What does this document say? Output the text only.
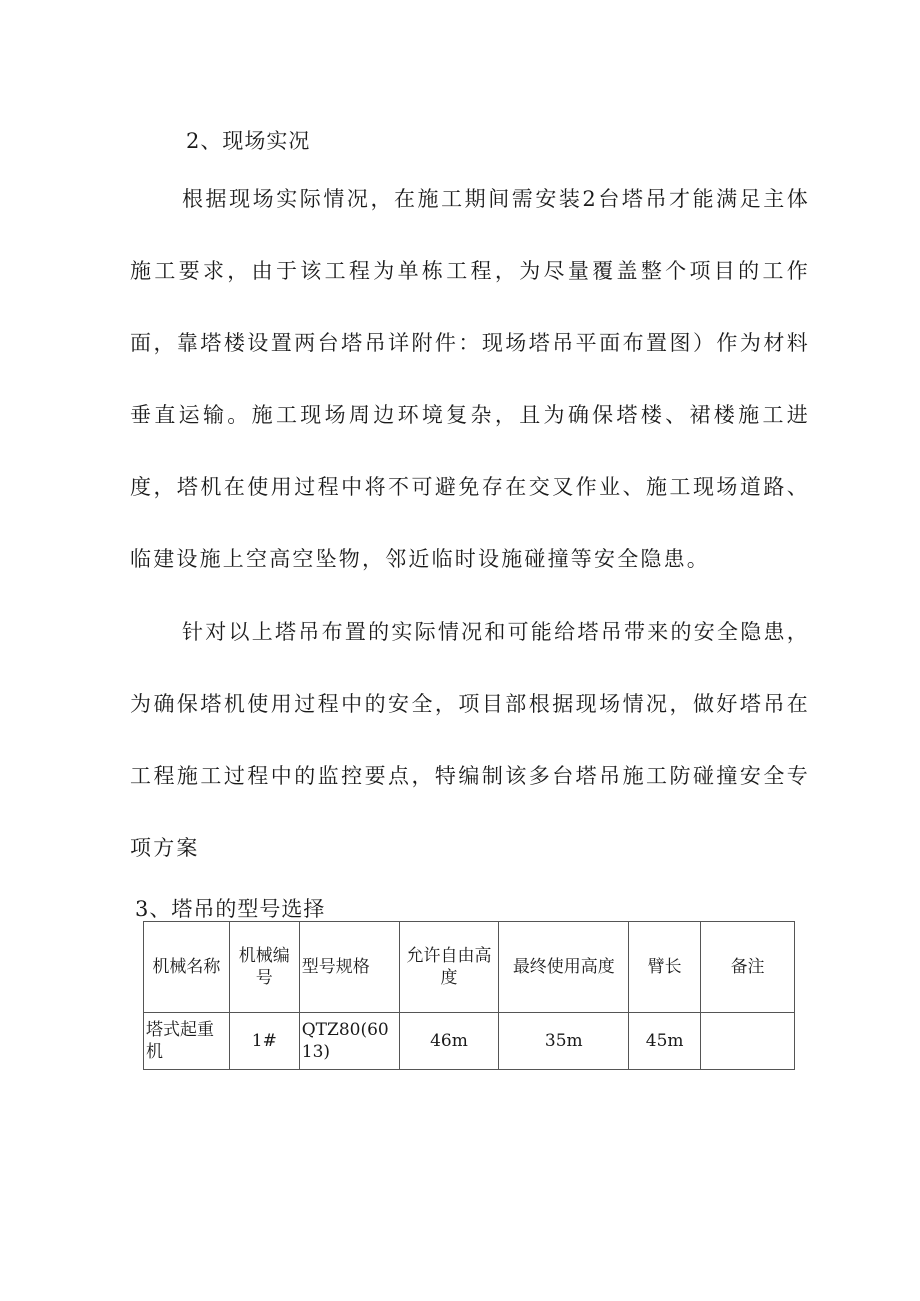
2、现场实况

根据现场实际情况，在施工期间需安装2台塔吊才能满足主体施工要求，由于该工程为单栋工程，为尽量覆盖整个项目的工作面，靠塔楼设置两台塔吊详附件：现场塔吊平面布置图）作为材料垂直运输。施工现场周边环境复杂，且为确保塔楼、裙楼施工进度，塔机在使用过程中将不可避免存在交叉作业、施工现场道路、临建设施上空高空坠物，邻近临时设施碰撞等安全隐患。

针对以上塔吊布置的实际情况和可能给塔吊带来的安全隐患，为确保塔机使用过程中的安全，项目部根据现场情况，做好塔吊在工程施工过程中的监控要点，特编制该多台塔吊施工防碰撞安全专项方案

3、塔吊的型号选择
机械名称	机械编号	型号规格	允许自由高度	最终使用高度	臂长	备注
塔式起重机	1#	QTZ80(6013)	46m	35m	45m	
